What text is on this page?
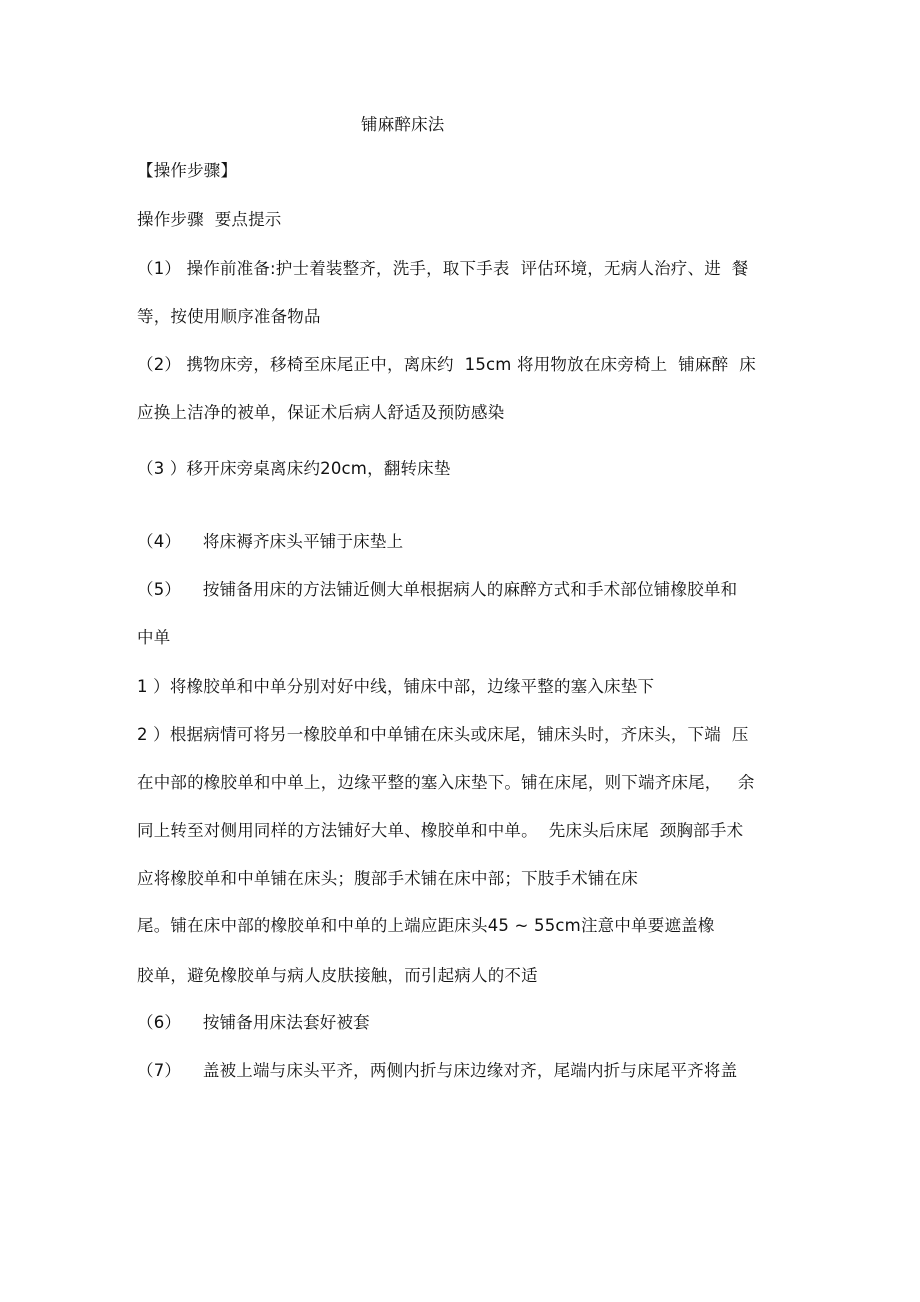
铺麻醉床法
【操作步骤】
操作步骤  要点提示
（1） 操作前准备:护士着装整齐，洗手，取下手表  评估环境，无病人治疗、进  餐
等，按使用顺序准备物品
（2） 携物床旁，移椅至床尾正中，离床约  15cm 将用物放在床旁椅上  铺麻醉  床
应换上洁净的被单，保证术后病人舒适及预防感染
（3 ）移开床旁桌离床约20cm，翻转床垫
（4）    将床褥齐床头平铺于床垫上
（5）    按铺备用床的方法铺近侧大单根据病人的麻醉方式和手术部位铺橡胶单和
中单
1 ）将橡胶单和中单分别对好中线，铺床中部，边缘平整的塞入床垫下
2 ）根据病情可将另一橡胶单和中单铺在床头或床尾，铺床头时，齐床头，下端  压
在中部的橡胶单和中单上，边缘平整的塞入床垫下。铺在床尾，则下端齐床尾，   余
同上转至对侧用同样的方法铺好大单、橡胶单和中单。  先床头后床尾  颈胸部手术
应将橡胶单和中单铺在床头；腹部手术铺在床中部；下肢手术铺在床
尾。铺在床中部的橡胶单和中单的上端应距床头45 ~ 55cm注意中单要遮盖橡
胶单，避免橡胶单与病人皮肤接触，而引起病人的不适
（6）    按铺备用床法套好被套
（7）    盖被上端与床头平齐，两侧内折与床边缘对齐，尾端内折与床尾平齐将盖
